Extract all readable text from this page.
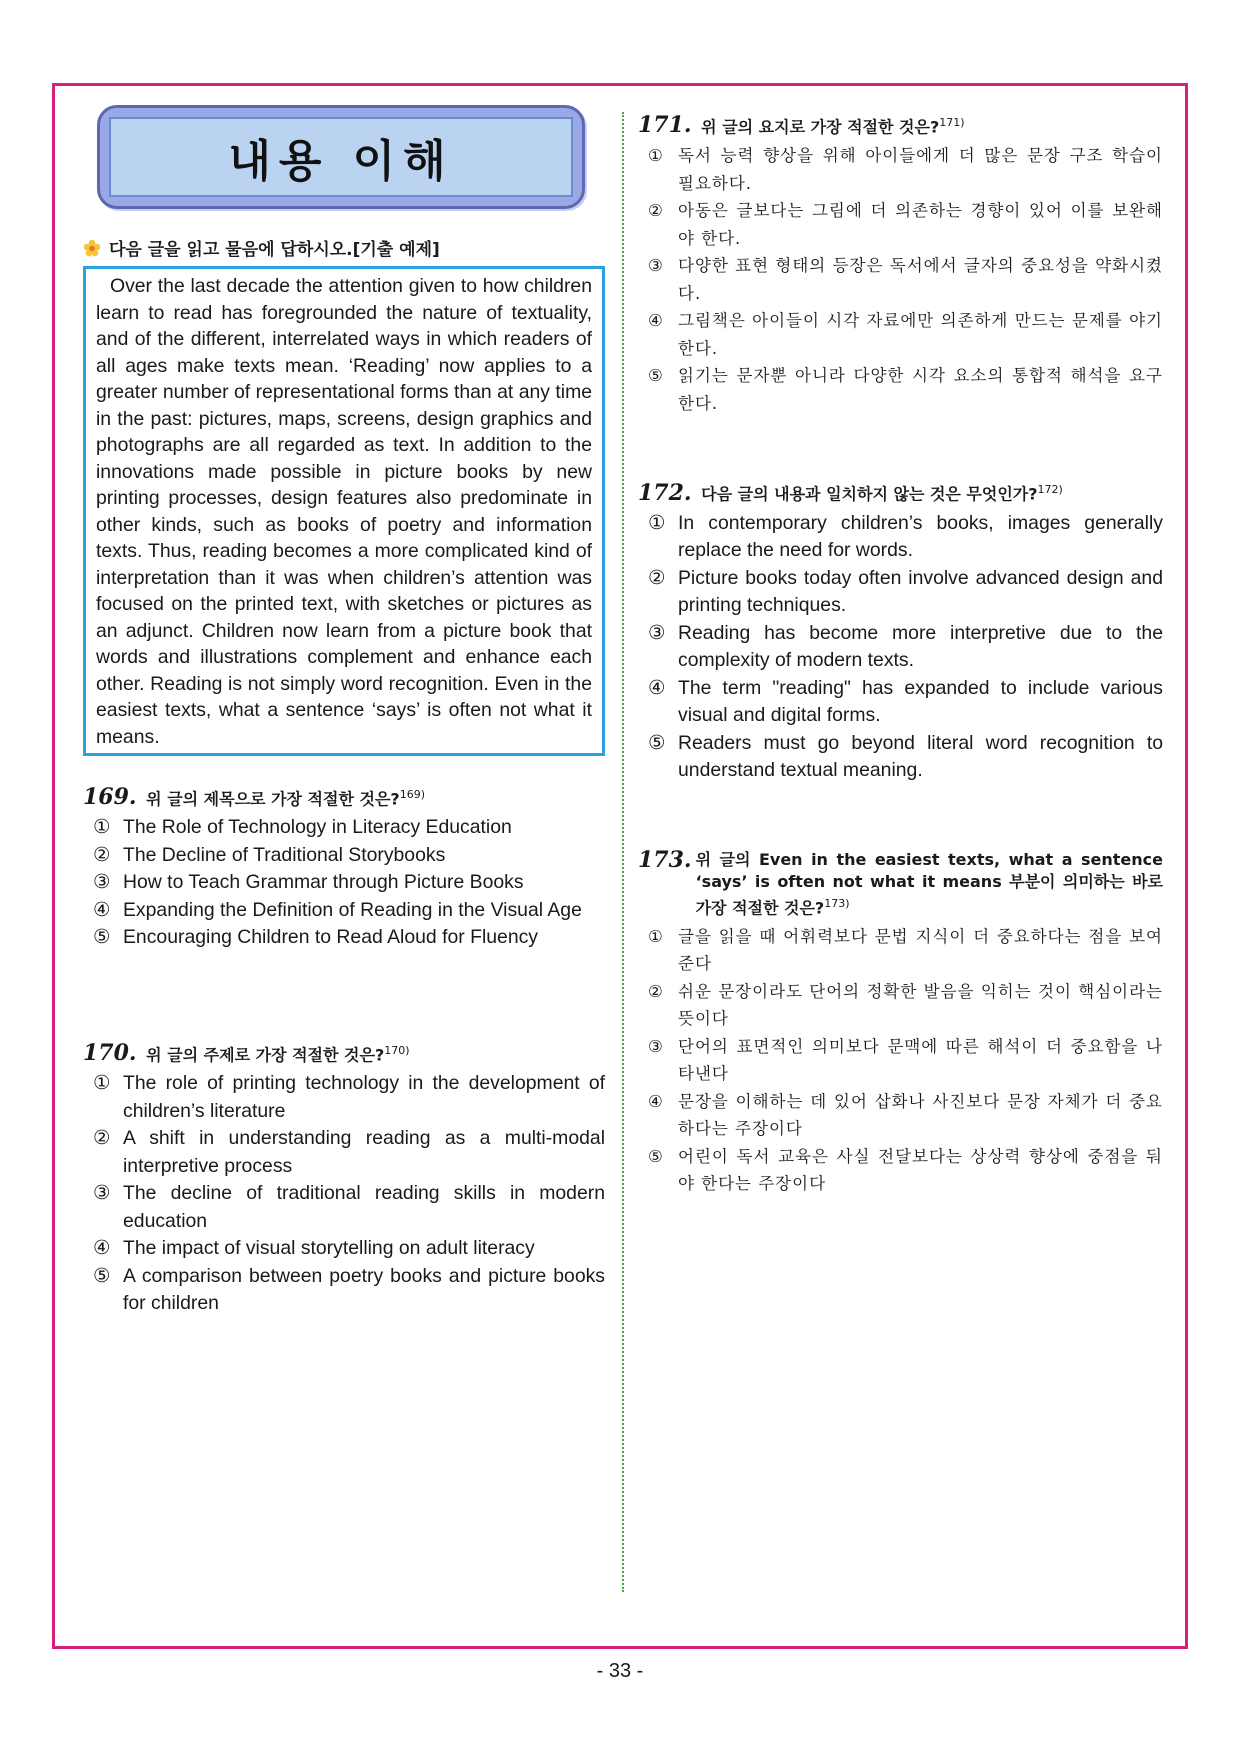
내용 이해
다음 글을 읽고 물음에 답하시오.[기출 예제]
Over the last decade the attention given to how children learn to read has foregrounded the nature of textuality, and of the different, interrelated ways in which readers of all ages make texts mean. ‘Reading’ now applies to a greater number of representational forms than at any time in the past: pictures, maps, screens, design graphics and photographs are all regarded as text. In addition to the innovations made possible in picture books by new printing processes, design features also predominate in other kinds, such as books of poetry and information texts. Thus, reading becomes a more complicated kind of interpretation than it was when children’s attention was focused on the printed text, with sketches or pictures as an adjunct. Children now learn from a picture book that words and illustrations complement and enhance each other. Reading is not simply word recognition. Even in the easiest texts, what a sentence ‘says’ is often not what it means.
169. 위 글의 제목으로 가장 적절한 것은?$^{169)}$
① The Role of Technology in Literacy Education
② The Decline of Traditional Storybooks
③ How to Teach Grammar through Picture Books
④ Expanding the Definition of Reading in the Visual Age
⑤ Encouraging Children to Read Aloud for Fluency
170. 위 글의 주제로 가장 적절한 것은?$^{170)}$
① The role of printing technology in the development of children’s literature
② A shift in understanding reading as a multi-modal interpretive process
③ The decline of traditional reading skills in modern education
④ The impact of visual storytelling on adult literacy
⑤ A comparison between poetry books and picture books for children
171. 위 글의 요지로 가장 적절한 것은?$^{171)}$
① 독서 능력 향상을 위해 아이들에게 더 많은 문장 구조 학습이 필요하다.
② 아동은 글보다는 그림에 더 의존하는 경향이 있어 이를 보완해야 한다.
③ 다양한 표현 형태의 등장은 독서에서 글자의 중요성을 약화시켰다.
④ 그림책은 아이들이 시각 자료에만 의존하게 만드는 문제를 야기한다.
⑤ 읽기는 문자뿐 아니라 다양한 시각 요소의 통합적 해석을 요구한다.
172. 다음 글의 내용과 일치하지 않는 것은 무엇인가?$^{172)}$
① In contemporary children’s books, images generally replace the need for words.
② Picture books today often involve advanced design and printing techniques.
③ Reading has become more interpretive due to the complexity of modern texts.
④ The term "reading" has expanded to include various visual and digital forms.
⑤ Readers must go beyond literal word recognition to understand textual meaning.
173. 위 글의 Even in the easiest texts, what a sentence ‘says’ is often not what it means 부분이 의미하는 바로 가장 적절한 것은?$^{173)}$
① 글을 읽을 때 어휘력보다 문법 지식이 더 중요하다는 점을 보여준다
② 쉬운 문장이라도 단어의 정확한 발음을 익히는 것이 핵심이라는 뜻이다
③ 단어의 표면적인 의미보다 문맥에 따른 해석이 더 중요함을 나타낸다
④ 문장을 이해하는 데 있어 삽화나 사진보다 문장 자체가 더 중요하다는 주장이다
⑤ 어린이 독서 교육은 사실 전달보다는 상상력 향상에 중점을 둬야 한다는 주장이다
- 33 -
